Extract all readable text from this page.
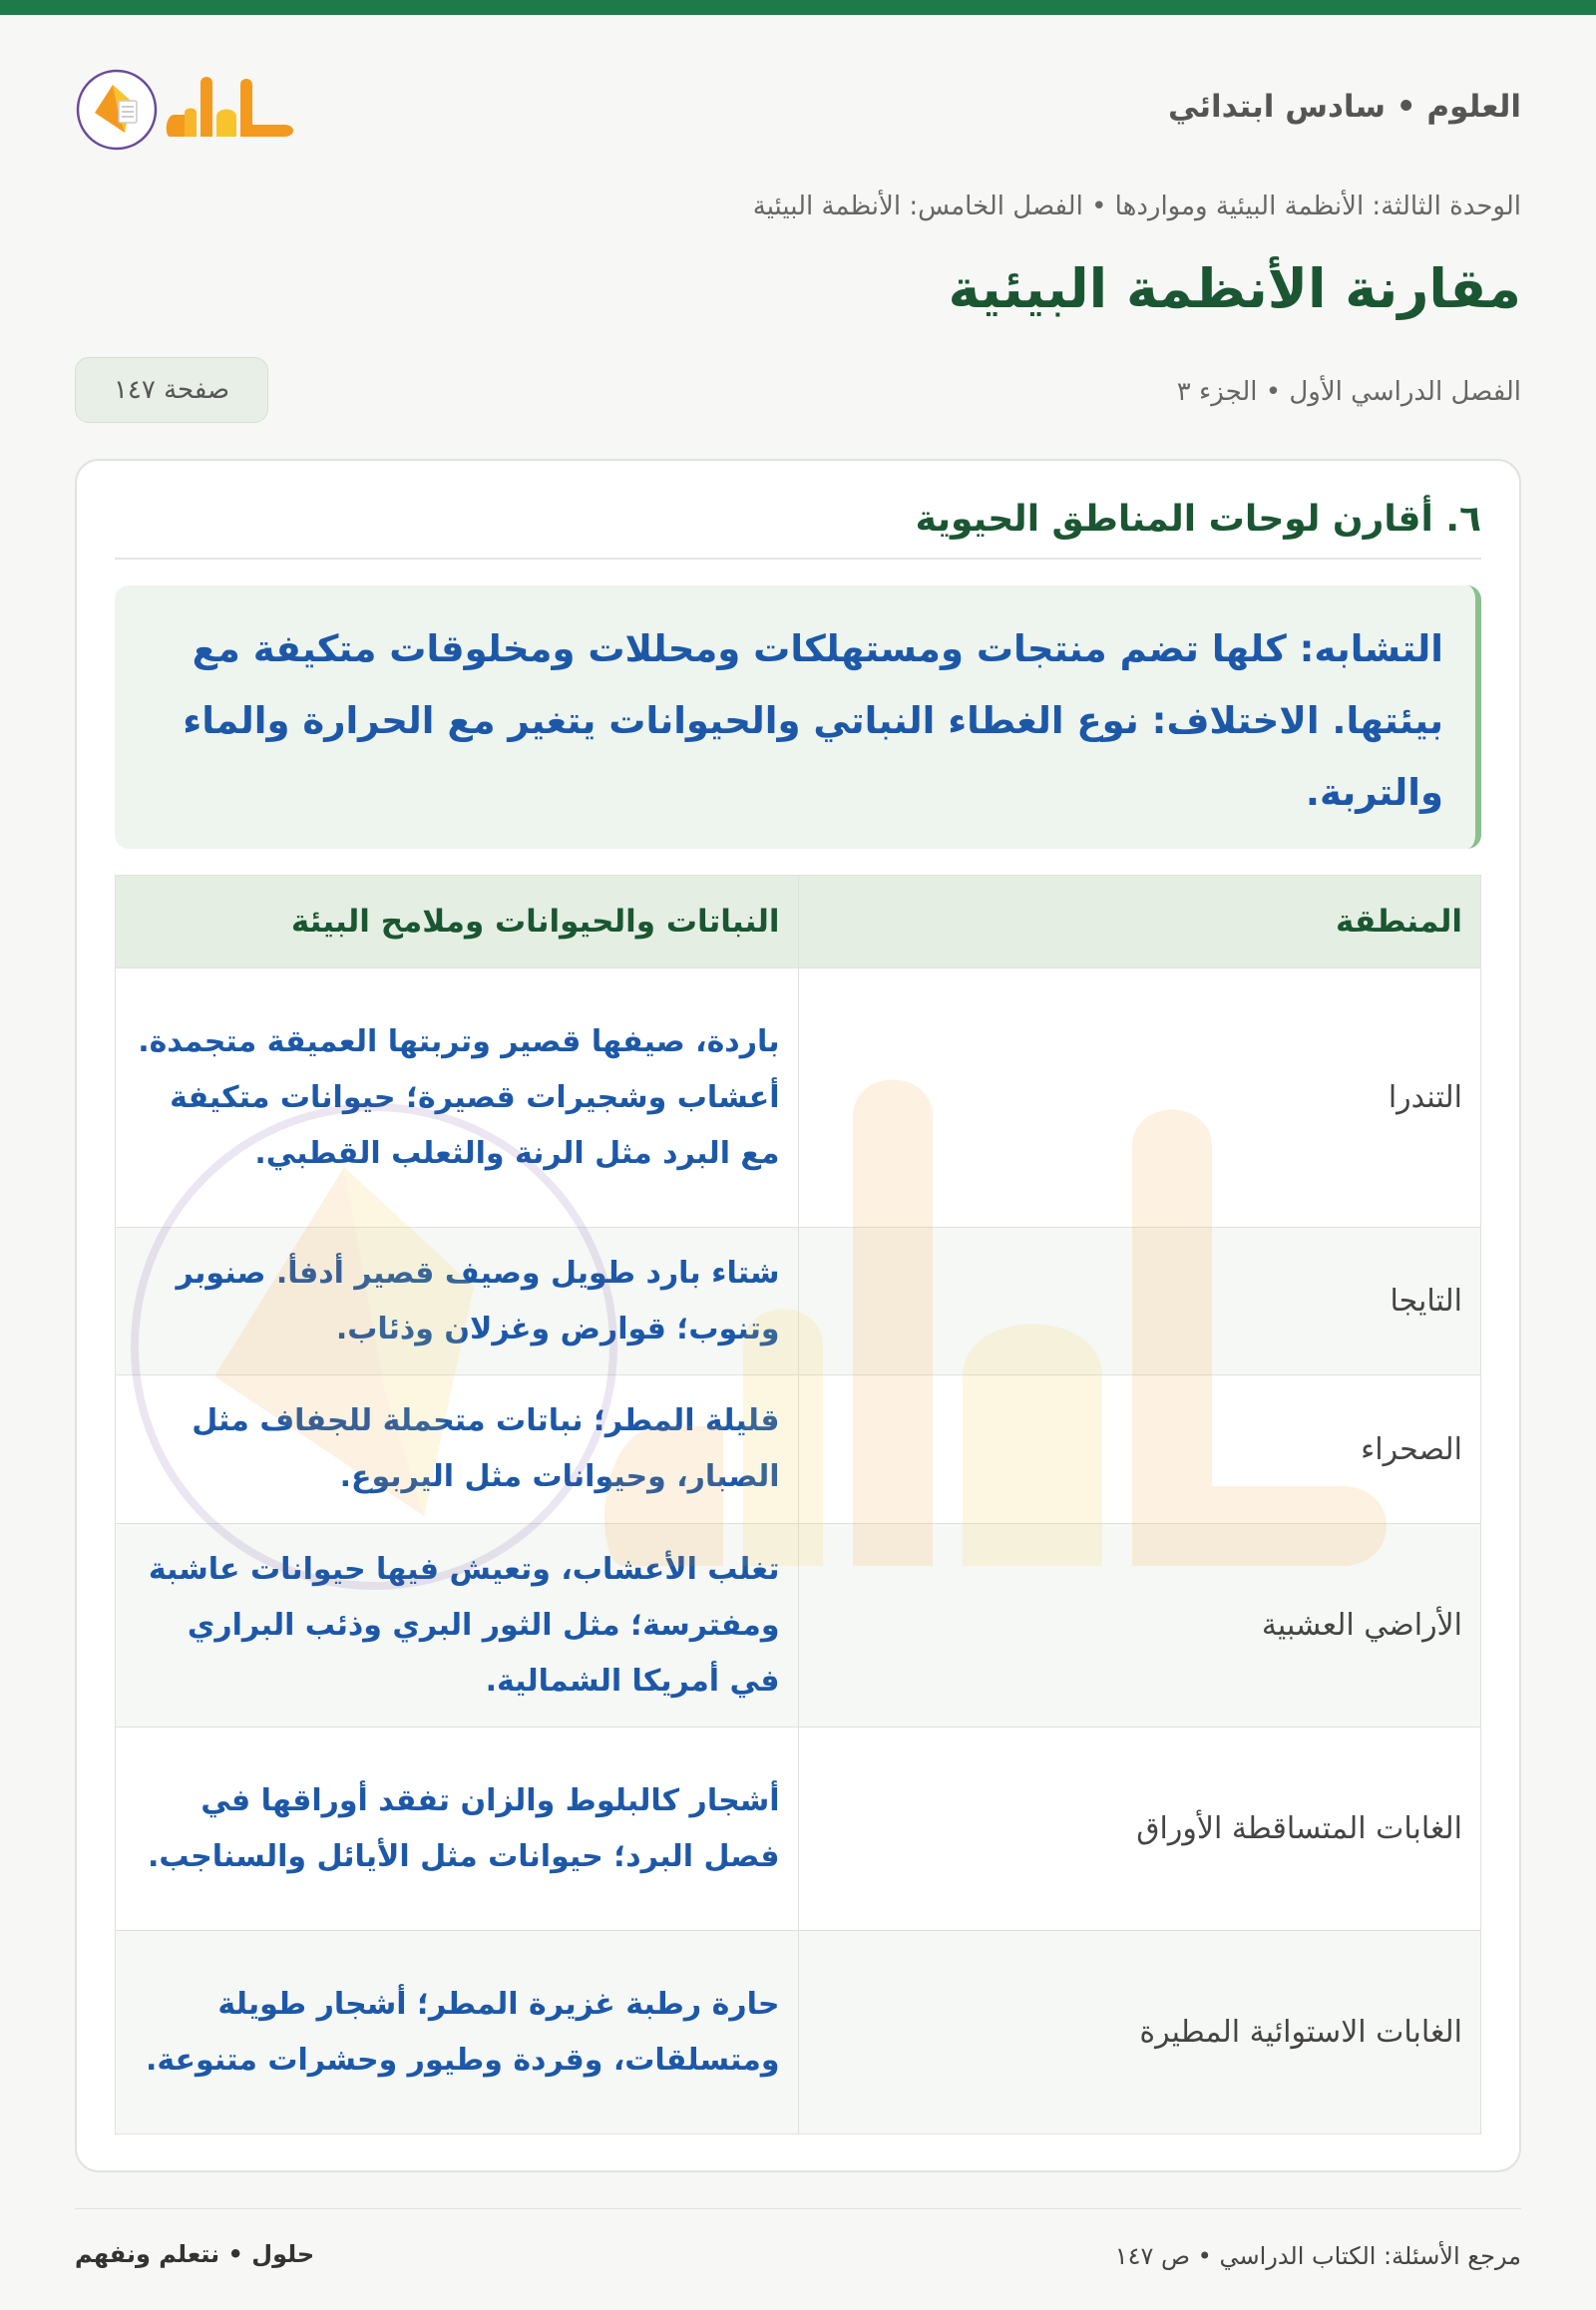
العلوم • سادس ابتدائي
الوحدة الثالثة: الأنظمة البيئية ومواردها • الفصل الخامس: الأنظمة البيئية
مقارنة الأنظمة البيئية
الفصل الدراسي الأول • الجزء ٣
صفحة ١٤٧
٦. أقارن لوحات المناطق الحيوية
التشابه: كلها تضم منتجات ومستهلكات ومحللات ومخلوقات متكيفة مع بيئتها. الاختلاف: نوع الغطاء النباتي والحيوانات يتغير مع الحرارة والماء والتربة.
المنطقة	النباتات والحيوانات وملامح البيئة
التندرا	باردة، صيفها قصير وتربتها العميقة متجمدة. أعشاب وشجيرات قصيرة؛ حيوانات متكيفة مع البرد مثل الرنة والثعلب القطبي.
التايجا	شتاء بارد طويل وصيف قصير أدفأ. صنوبر وتنوب؛ قوارض وغزلان وذئاب.
الصحراء	قليلة المطر؛ نباتات متحملة للجفاف مثل الصبار، وحيوانات مثل اليربوع.
الأراضي العشبية	تغلب الأعشاب، وتعيش فيها حيوانات عاشبة ومفترسة؛ مثل الثور البري وذئب البراري في أمريكا الشمالية.
الغابات المتساقطة الأوراق	أشجار كالبلوط والزان تفقد أوراقها في فصل البرد؛ حيوانات مثل الأيائل والسناجب.
الغابات الاستوائية المطيرة	حارة رطبة غزيرة المطر؛ أشجار طويلة ومتسلقات، وقردة وطيور وحشرات متنوعة.
حلول • نتعلم ونفهم	مرجع الأسئلة: الكتاب الدراسي • ص ١٤٧
